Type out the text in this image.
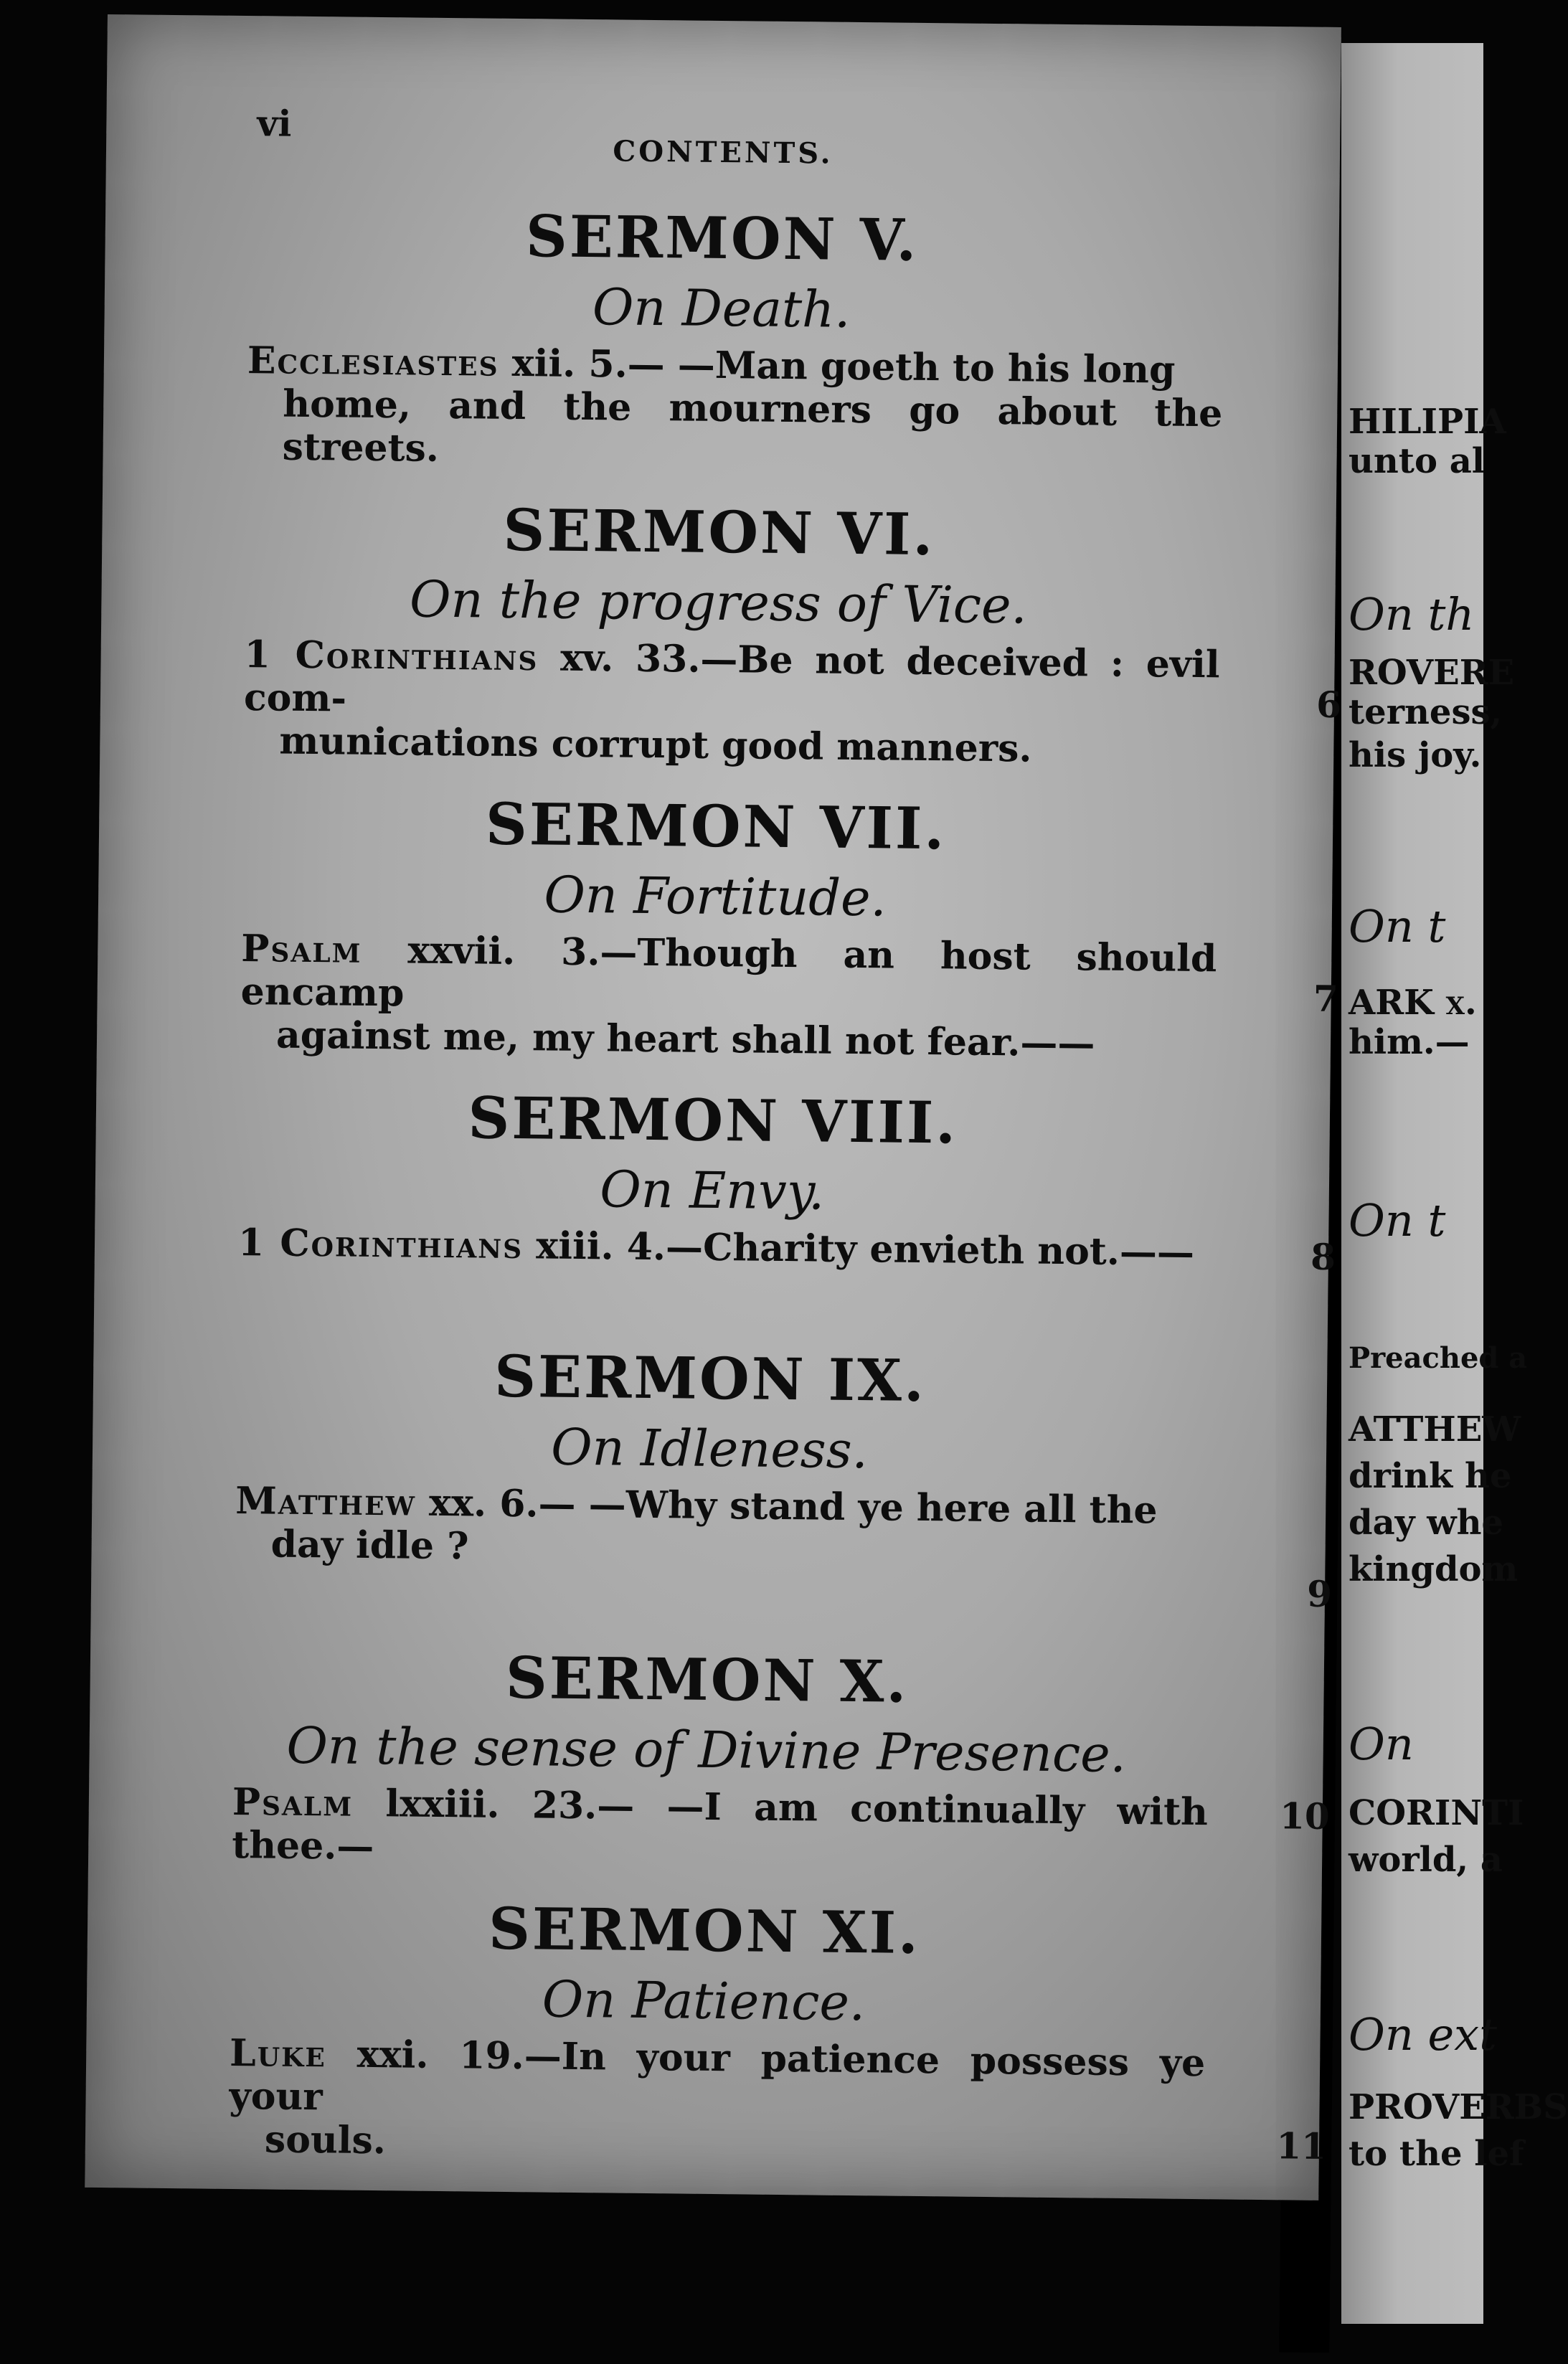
vi
CONTENTS.
SERMON V.
On Death.
Ecclesiastes xii. 5.— —Man goeth to his long
home, and the mourners go about the streets.
SERMON VI.
On the progress of Vice.
1 Corinthians xv. 33.—Be not deceived : evil com-
munications corrupt good manners.
6
SERMON VII.
On Fortitude.
Psalm xxvii. 3.—Though an host should encamp
against me, my heart shall not fear.——
7
SERMON VIII.
On Envy.
1 Corinthians xiii. 4.—Charity envieth not.——	8
SERMON IX.
On Idleness.
Matthew xx. 6.— —Why stand ye here all the
day idle ?
9
SERMON X.
On the sense of Divine Presence.
Psalm lxxiii. 23.— —I am continually with thee.—
10
SERMON XI.
On Patience.
Luke xxi. 19.—In your patience possess ye your
souls.	11
HILIPIA
unto al
On th
ROVERE
terness,
his joy.
On t
ARK x.
him.—
On t
Preached a
ATTHEW
drink he
day whe
kingdom
On
CORINTI
world, a
On ext
PROVERBS
to the lef
